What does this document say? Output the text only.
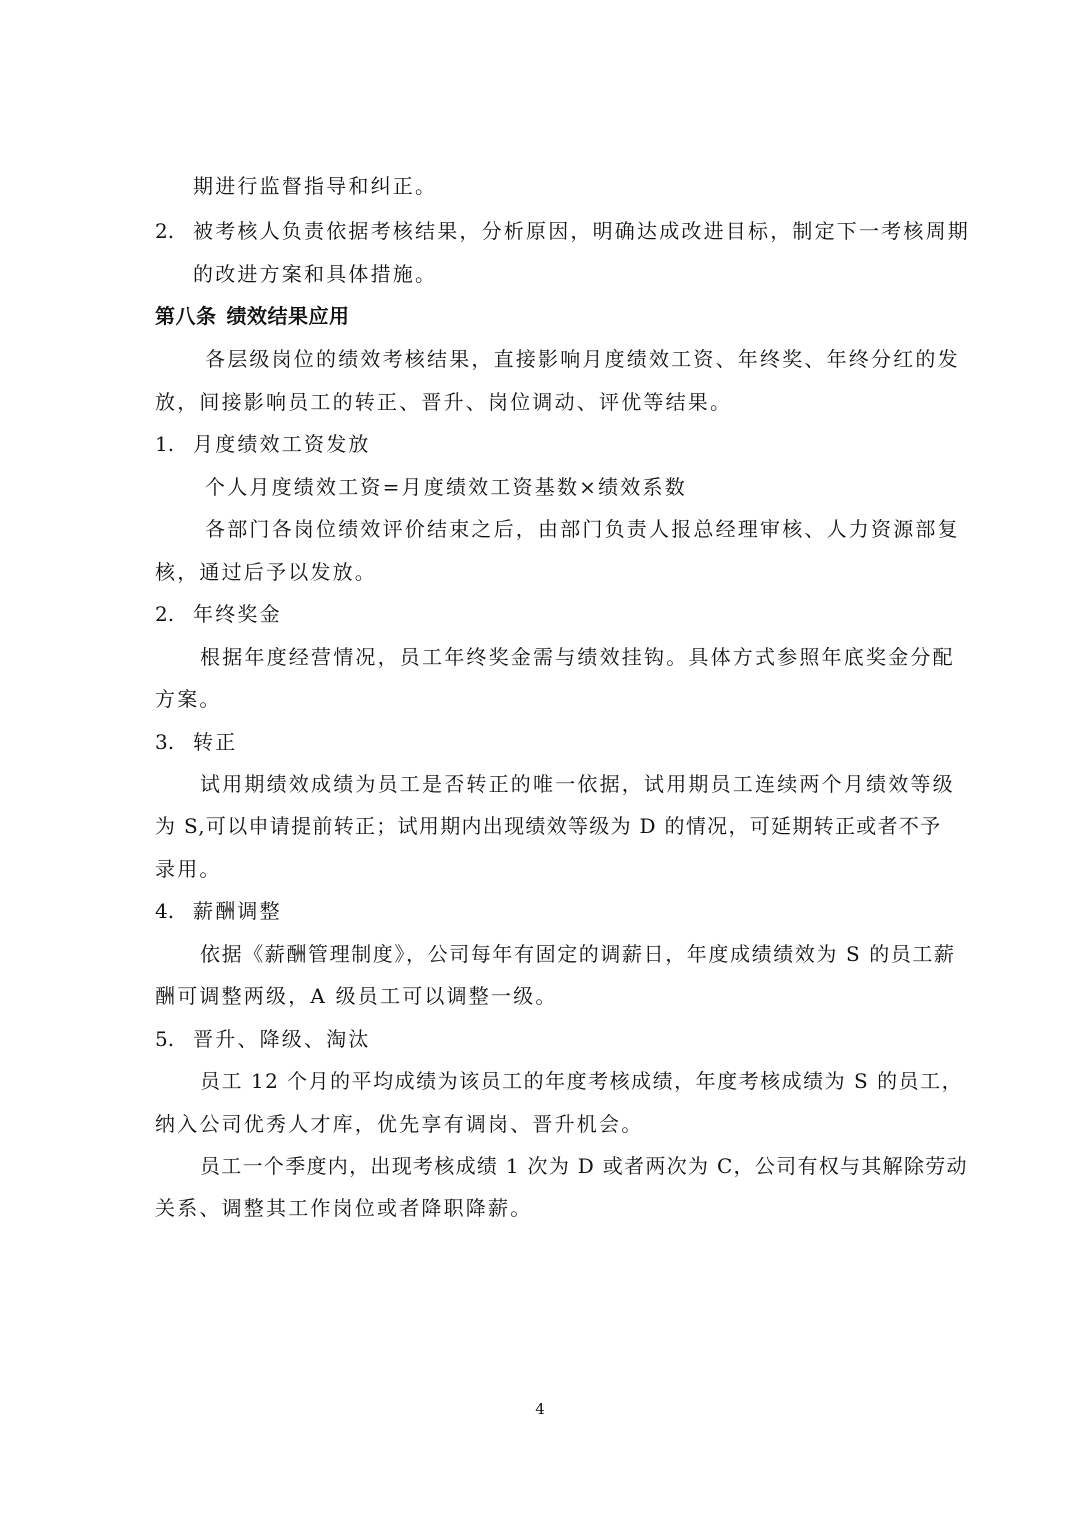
期进行监督指导和纠正。
2. 被考核人负责依据考核结果，分析原因，明确达成改进目标，制定下一考核周期
的改进方案和具体措施。
第八条 绩效结果应用
各层级岗位的绩效考核结果，直接影响月度绩效工资、年终奖、年终分红的发
放，间接影响员工的转正、晋升、岗位调动、评优等结果。
1. 月度绩效工资发放
个人月度绩效工资=月度绩效工资基数×绩效系数
各部门各岗位绩效评价结束之后，由部门负责人报总经理审核、人力资源部复
核，通过后予以发放。
2. 年终奖金
根据年度经营情况，员工年终奖金需与绩效挂钩。具体方式参照年底奖金分配
方案。
3. 转正
试用期绩效成绩为员工是否转正的唯一依据，试用期员工连续两个月绩效等级
为 S,可以申请提前转正；试用期内出现绩效等级为 D 的情况，可延期转正或者不予
录用。
4. 薪酬调整
依据《薪酬管理制度》，公司每年有固定的调薪日，年度成绩绩效为 S 的员工薪
酬可调整两级，A 级员工可以调整一级。
5. 晋升、降级、淘汰
员工 12 个月的平均成绩为该员工的年度考核成绩，年度考核成绩为 S 的员工，
纳入公司优秀人才库，优先享有调岗、晋升机会。
员工一个季度内，出现考核成绩 1 次为 D 或者两次为 C，公司有权与其解除劳动
关系、调整其工作岗位或者降职降薪。
4
